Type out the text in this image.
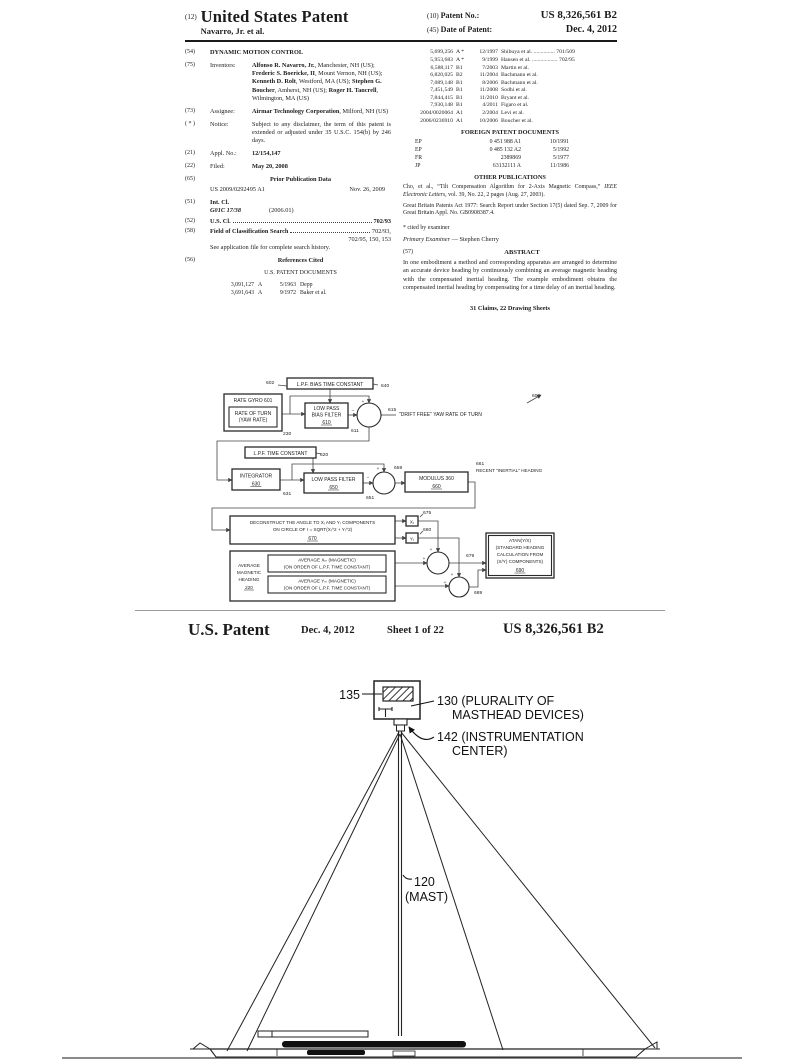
(12) United States Patent
Navarro, Jr. et al.
(10) Patent No.:	US 8,326,561 B2
(45) Date of Patent:	Dec. 4, 2012
(54)	DYNAMIC MOTION CONTROL
(75)	Inventors:	Alfonso R. Navarro, Jr., Manchester, NH (US); Frederic S. Boericke, II, Mount Vernon, NH (US); Kenneth D. Rolt, Westford, MA (US); Stephen G. Boucher, Amherst, NH (US); Roger H. Tancrell, Wilmington, MA (US)
(73)	Assignee:	Airmar Technology Corporation, Milford, NH (US)
( * )	Notice:	Subject to any disclaimer, the term of this patent is extended or adjusted under 35 U.S.C. 154(b) by 246 days.
(21)	Appl. No.:	12/154,147
(22)	Filed:	May 20, 2008
(65)	Prior Publication Data
US 2009/0292495 A1	Nov. 26, 2009
(51)	Int. Cl.
G01C 17/38	(2006.01)
(52)	U.S. Cl.	702/93
(58)	Field of Classification Search	702/93,
702/95, 150, 153
See application file for complete search history.
(56)	References Cited
U.S. PATENT DOCUMENTS
3,091,127 A	5/1963 Depp
3,691,643 A	9/1972 Baker et al.
5,699,256 A *	12/1997 Shibuya et al. ............... 701/509
5,953,683 A *	9/1999 Hansen et al. .................. 702/95
6,588,117 B1	7/2003 Martin et al.
6,820,025 B2	11/2004 Bachmann et al.
7,089,148 B1	8/2006 Bachmann et al.
7,451,549 B1	11/2008 Sodhi et al.
7,844,415 B1	11/2010 Bryant et al.
7,930,148 B1	4/2011 Figaro et al.
2004/0020064 A1	2/2004 Levi et al.
2006/0236910 A1	10/2006 Boucher et al.
FOREIGN PATENT DOCUMENTS
EP	0 451 988 A1	10/1991
EP	0 485 132 A2	5/1992
FR	2389869	5/1977
JP	63132111 A	11/1986
OTHER PUBLICATIONS
Cho, et al., “Tilt Compensation Algorithm for 2-Axis Magnetic Compass,” IEEE Electronic Letters, vol. 39, No. 22, 2 pages (Aug. 27, 2003).
Great Britain Patents Act 1977: Search Report under Section 17(5) dated Sep. 7, 2009 for Great Britain Appl. No. GB0908387.4.
* cited by examiner
Primary Examiner — Stephen Cherry
(57)	ABSTRACT
In one embodiment a method and corresponding apparatus are arranged to determine an accurate device heading by continuously combining an average magnetic heading with the compensated inertial heading. The example embodiment obtains the compensated inertial heading by compensating for a time delay of an inertial heading.
31 Claims, 22 Drawing Sheets
L.P.F. BIAS TIME CONSTANT
RATE GYRO 601
RATE OF TURN
(YAW RATE)
LOW PASS
BIAS FILTER
610
L.P.F. TIME CONSTANT
INTEGRATOR
630
LOW PASS FILTER
650
MODULUS 360
660
DECONSTRUCT THE ANGLE TO Xᵣ AND Yᵣ COMPONENTS
ON CIRCLE OF r = SQRT(Xᵣ^2 + Yᵣ^2)
670
Xᵣ
Yᵣ
AVERAGE
MAGNETIC
HEADING
220
AVERAGE Xₘ (MAGNETIC)
(ON ORDER OF L.P.F. TIME CONSTANT)
AVERAGE Yₘ (MAGNETIC)
(ON ORDER OF L.P.F. TIME CONSTANT)
ATAN(Y/X)
(STANDARD HEADING
CALCULATION FROM
(X/Y) COMPONENTS)
690
640
602
230
611
615
"DRIFT FREE" YAW RATE OF TURN
600
620
631
651
659
661
RECENT "INERTIAL" HEADING
675
680
679
689
+
−
+
−
+
+
+
+
U.S. Patent	Dec. 4, 2012	Sheet 1 of 22	US 8,326,561 B2
135	130 (PLURALITY OF
MASTHEAD DEVICES)
142 (INSTRUMENTATION
CENTER)
120
(MAST)
